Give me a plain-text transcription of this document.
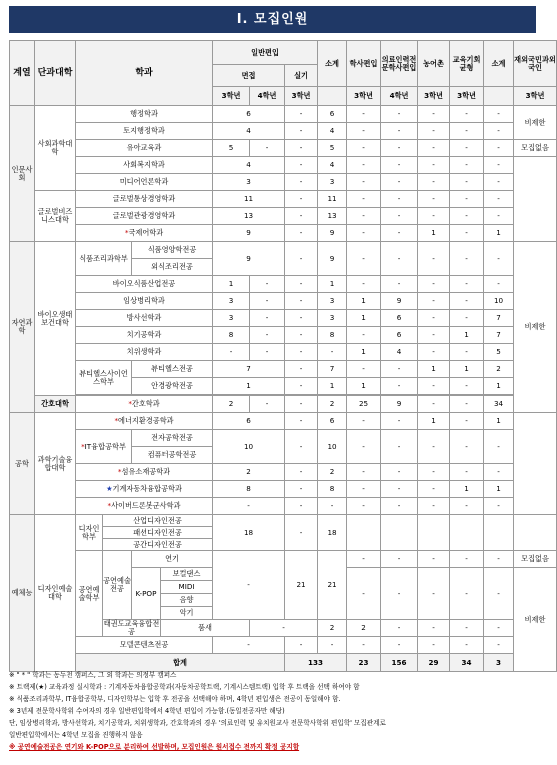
Ⅰ. 모집인원
계열	단과대학	학과				일반편입			소계	학사편입	의료인력전문학사편입	농어촌	교육기회균형	소계	재외국민과외국인	
						면접		실기								
						3학년	4학년	3학년		3학년	4학년	3학년	3학년		3학년	
인문사회	사회과학대학	행정학과				6		-	6	-	-	-	-	-	비제한	
		토지행정학과				4		-	4	-	-	-	-	-		
		유아교육과				5	-	-	5	-	-	-	-	-	모집없음	
		사회복지학과				4		-	4	-	-	-	-	-		
		미디어언론학과				3		-	3	-	-	-	-	-		
	글로벌비즈니스대학	글로벌통상경영학과				11		-	11	-	-	-	-	-		
		글로벌관광경영학과				13		-	13	-	-	-	-	-		
		*국제어학과				9		-	9	-	-	1	-	1		
자연과학	바이오생태보건대학	식품조리과학부		식품영양학전공		9		-	9	-	-	-	-	-	비제한	
				외식조리전공												
		바이오식품산업전공				1	-	-	1	-	-	-	-	-		
		임상병리학과				3	-	-	3	1	9	-	-	10		
		방사선학과				3	-	-	3	1	6	-	-	7		
		치기공학과				8	-	-	8	-	6	-	1	7		
		치위생학과				-	-	-	-	1	4	-	-	5		
		뷰티헬스사이언스학부		뷰티헬스전공		7		-	7	-	-	1	1	2		
				안경광학전공		1		-	1	1	-	-	-	1		

	간호대학	*간호학과				2	-	-	2	25	9	-	-	34		
공학	과학기술융합대학	*에너지환경공학과				6		-	6	-	-	1	-	1		
		*IT융합공학부		전자공학전공		10		-	10	-	-	-	-	-		
				컴퓨터공학전공												
		*섬유소재공학과				2		-	2	-	-	-	-	-		
		★기계자동차융합공학과				8		-	8	-	-	-	1	1		
		*사이버드론봇군사학과				-		-	-	-	-	-	-	-		
예체능	디자인예술대학	디자인학부	산업디자인전공			18		-	18							
			패션디자인전공													
			공간디자인전공													
		공연예술학부	공연예술전공	연기		-		21	21	-	-	-	-	-	모집없음	
				K-POP	보컬댄스					-	-	-	-	-	비제한	
					MIDI											
					음향											
					악기											
			태권도교육융합전공		품새		-		2	2	-	-	-	-	
		모델콘텐츠전공				-		-	-	-	-	-	-	-		
		합계						133		23	156	29	34	3			
※ " * " 학과는 동두천 캠퍼스, 그 외 학과는 의정부 캠퍼스
※ 트랙제(★) 교육과정 실시학과 : 기계자동차융합공학과(자동차공학트랙, 기계시스템트랙) 입학 후 트랙을 선택 하여야 함
※ 식품조리과학부, IT융합공학부, 디자인학부는 입학 후 전공을 선택해야 하며, 4학년 편입생은 전공이 동일해야 함.
※ 3년제 전문학사학위 수여자의 경우 일반편입학에서 4학년 편입이 가능함.(동일전공자만 해당)
단, 임상병리학과, 방사선학과, 치기공학과, 치위생학과, 간호학과의 경우 '의료인력 및 유치원교사 전문학사학위 편입학' 모집관계로
일반편입학에서는 4학년 모집을 진행하지 않음
※ 공연예술전공은 연기와 K-POP으로 분리하여 선발하며, 모집인원은 원서접수 전까지 확정 공지함
